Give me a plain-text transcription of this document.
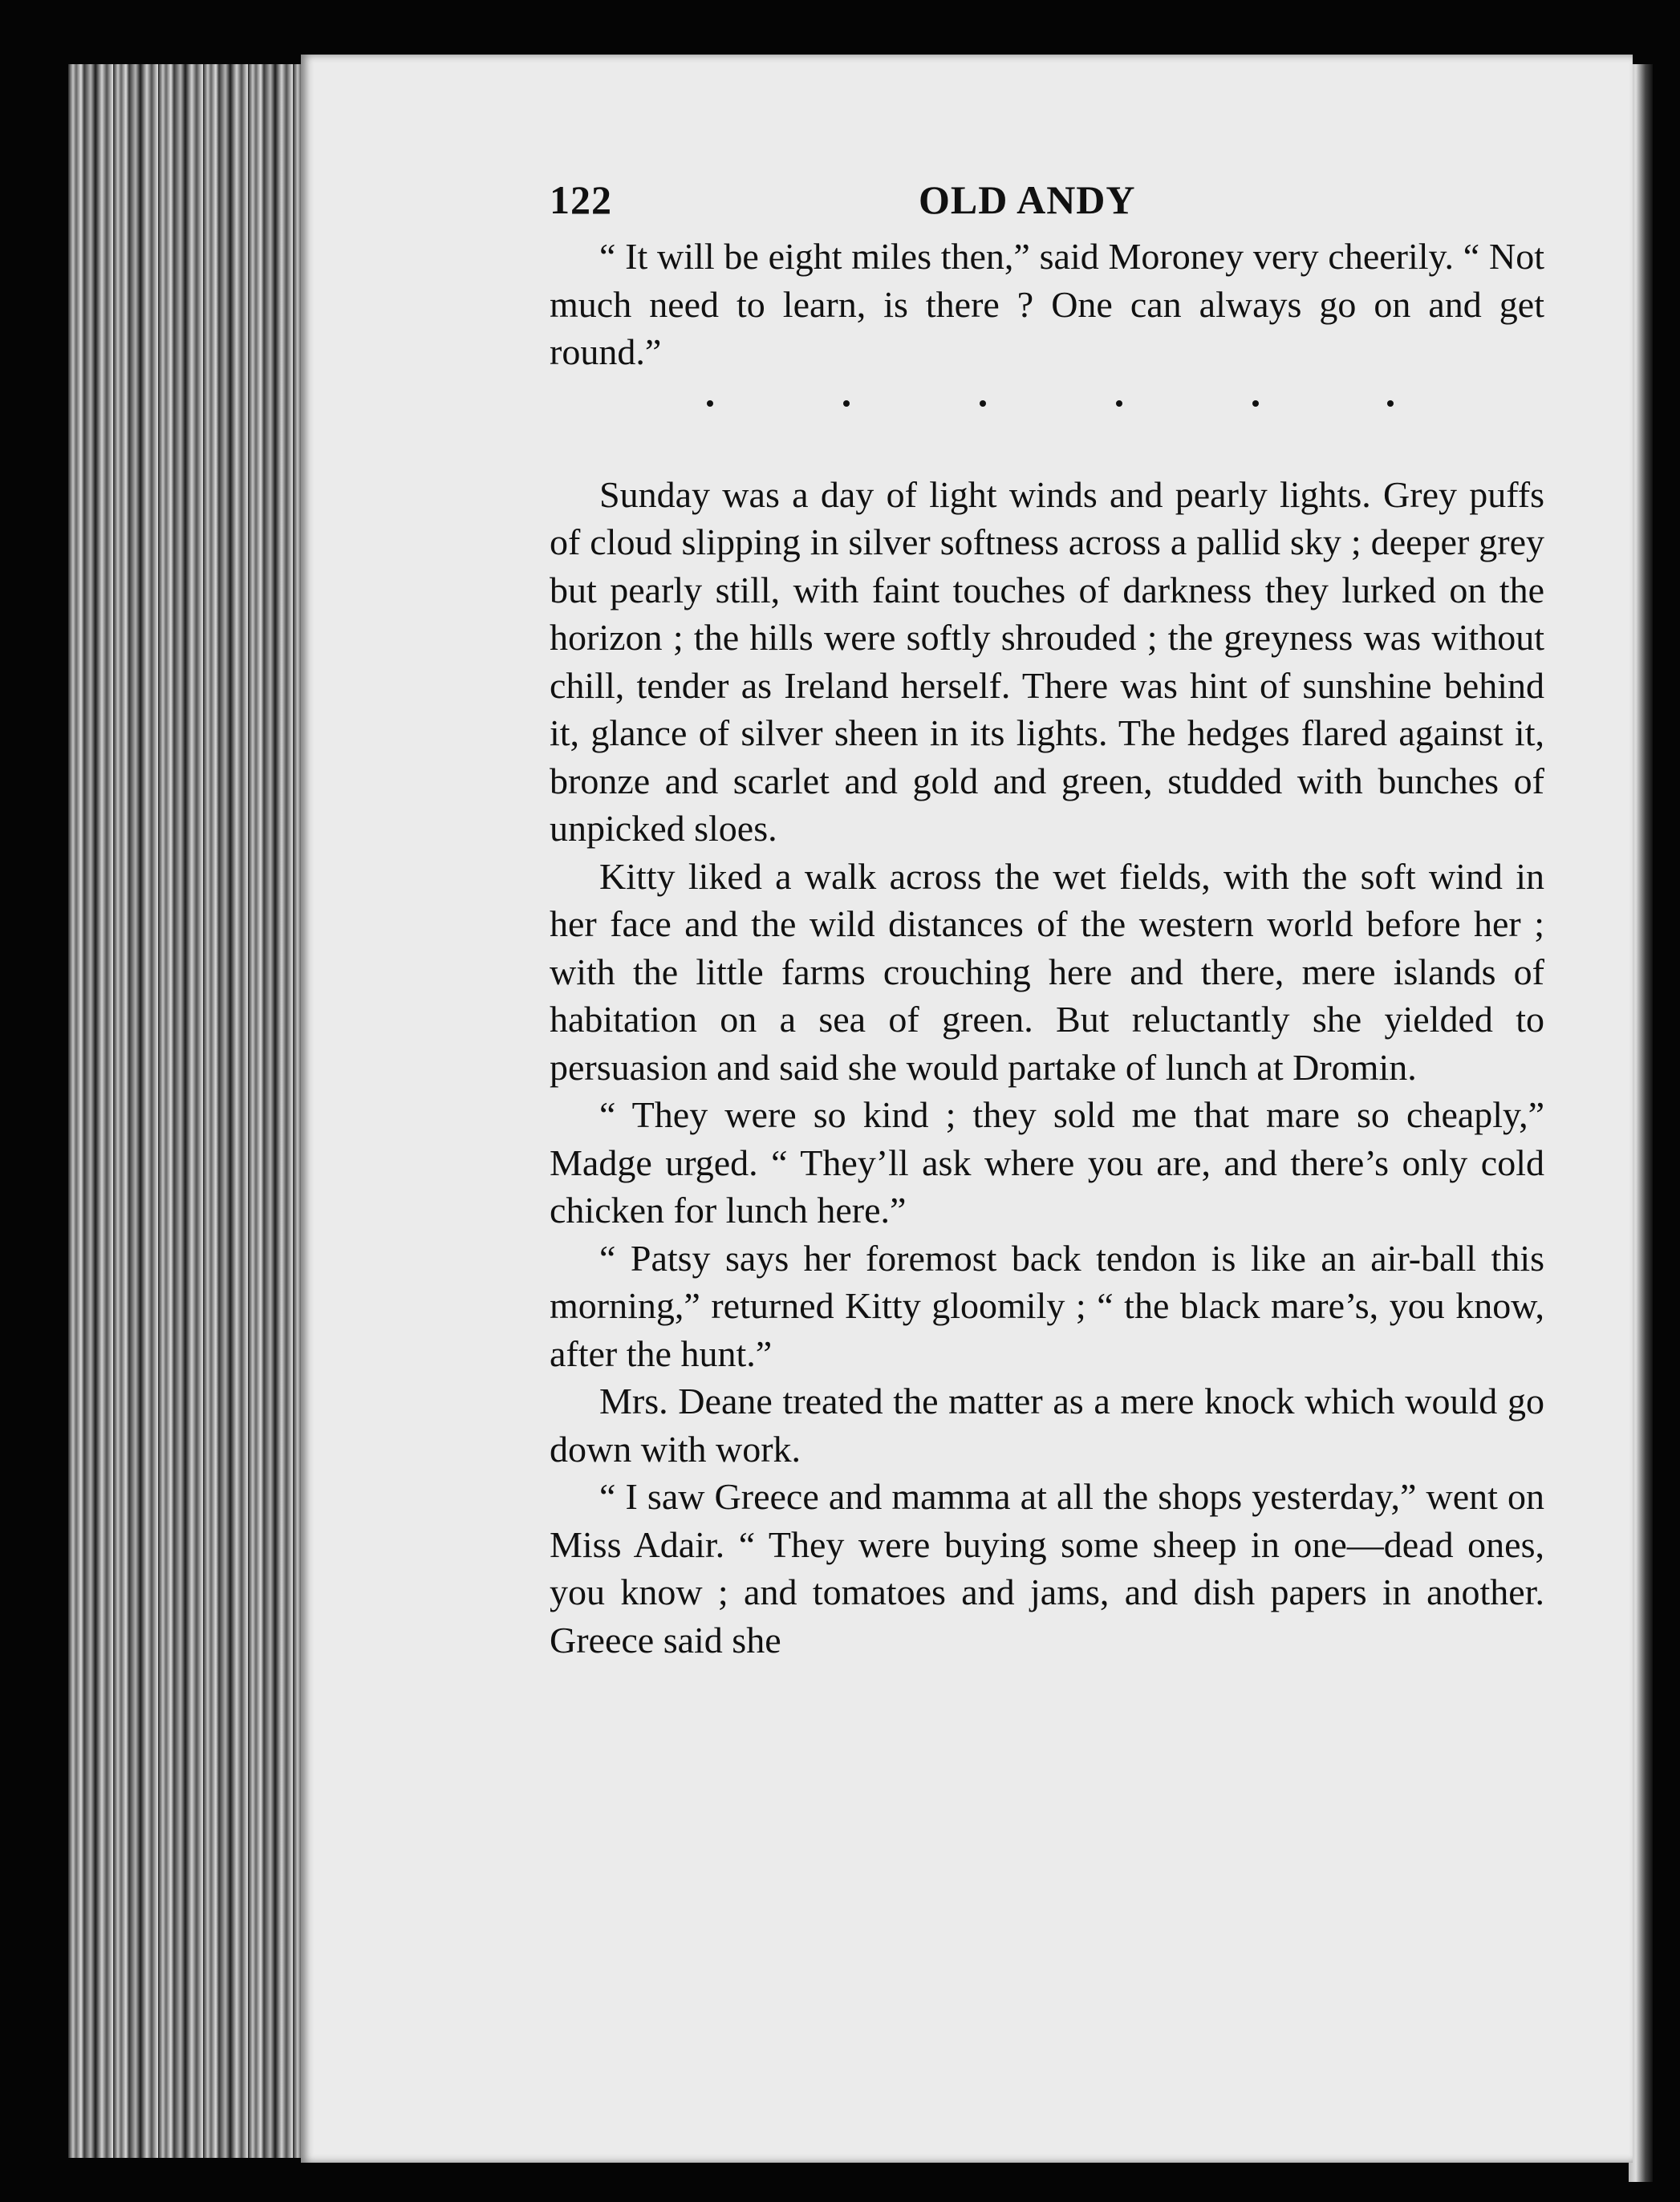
122	OLD ANDY

“ It will be eight miles then,” said Moroney very cheerily. “ Not much need to learn, is there ? One can always go on and get round.”

Sunday was a day of light winds and pearly lights. Grey puffs of cloud slipping in silver softness across a pallid sky ; deeper grey but pearly still, with faint touches of darkness they lurked on the horizon ; the hills were softly shrouded ; the greyness was without chill, tender as Ireland herself. There was hint of sunshine behind it, glance of silver sheen in its lights. The hedges flared against it, bronze and scarlet and gold and green, studded with bunches of unpicked sloes.

Kitty liked a walk across the wet fields, with the soft wind in her face and the wild distances of the western world before her ; with the little farms crouching here and there, mere islands of habitation on a sea of green. But reluctantly she yielded to persuasion and said she would partake of lunch at Dromin.

“ They were so kind ; they sold me that mare so cheaply,” Madge urged. “ They’ll ask where you are, and there’s only cold chicken for lunch here.”

“ Patsy says her foremost back tendon is like an air-ball this morning,” returned Kitty gloomily ; “ the black mare’s, you know, after the hunt.”

Mrs. Deane treated the matter as a mere knock which would go down with work.

“ I saw Greece and mamma at all the shops yesterday,” went on Miss Adair. “ They were buying some sheep in one—dead ones, you know ; and tomatoes and jams, and dish papers in another. Greece said she
